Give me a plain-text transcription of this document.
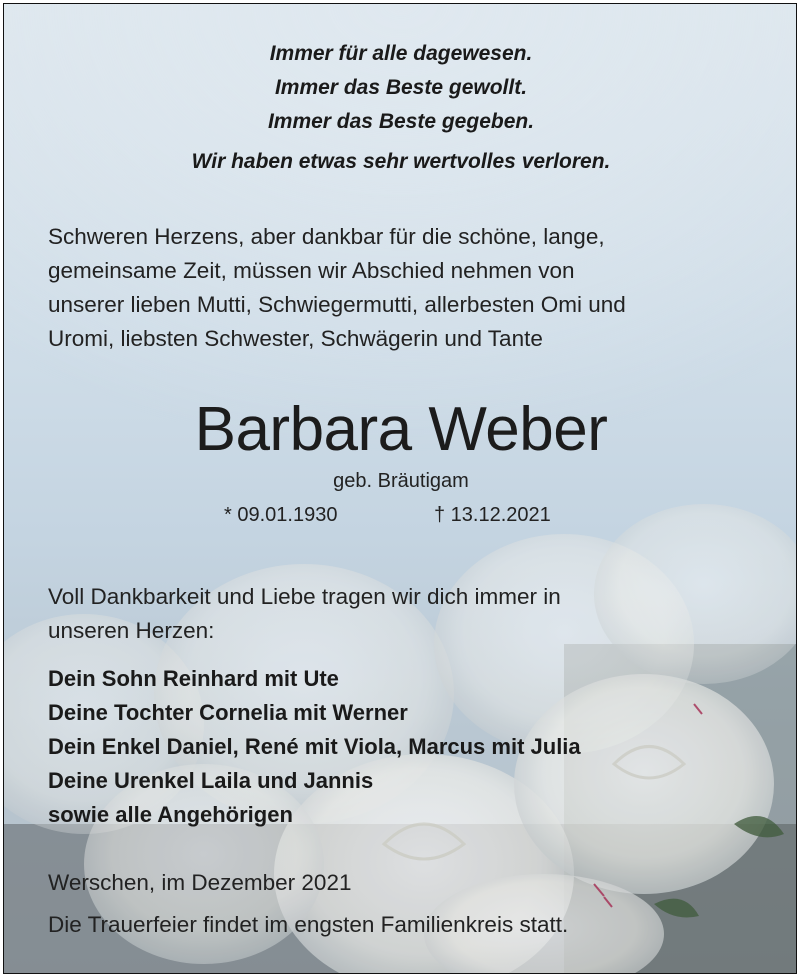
Immer für alle dagewesen.
Immer das Beste gewollt.
Immer das Beste gegeben.
Wir haben etwas sehr wertvolles verloren.
Schweren Herzens, aber dankbar für die schöne, lange,
gemeinsame Zeit, müssen wir Abschied nehmen von
unserer lieben Mutti, Schwiegermutti, allerbesten Omi und
Uromi, liebsten Schwester, Schwägerin und Tante
Barbara Weber
geb. Bräutigam
* 09.01.1930	† 13.12.2021
Voll Dankbarkeit und Liebe tragen wir dich immer in
unseren Herzen:
Dein Sohn Reinhard mit Ute
Deine Tochter Cornelia mit Werner
Dein Enkel Daniel, René mit Viola, Marcus mit Julia
Deine Urenkel Laila und Jannis
sowie alle Angehörigen
Werschen, im Dezember 2021
Die Trauerfeier findet im engsten Familienkreis statt.
